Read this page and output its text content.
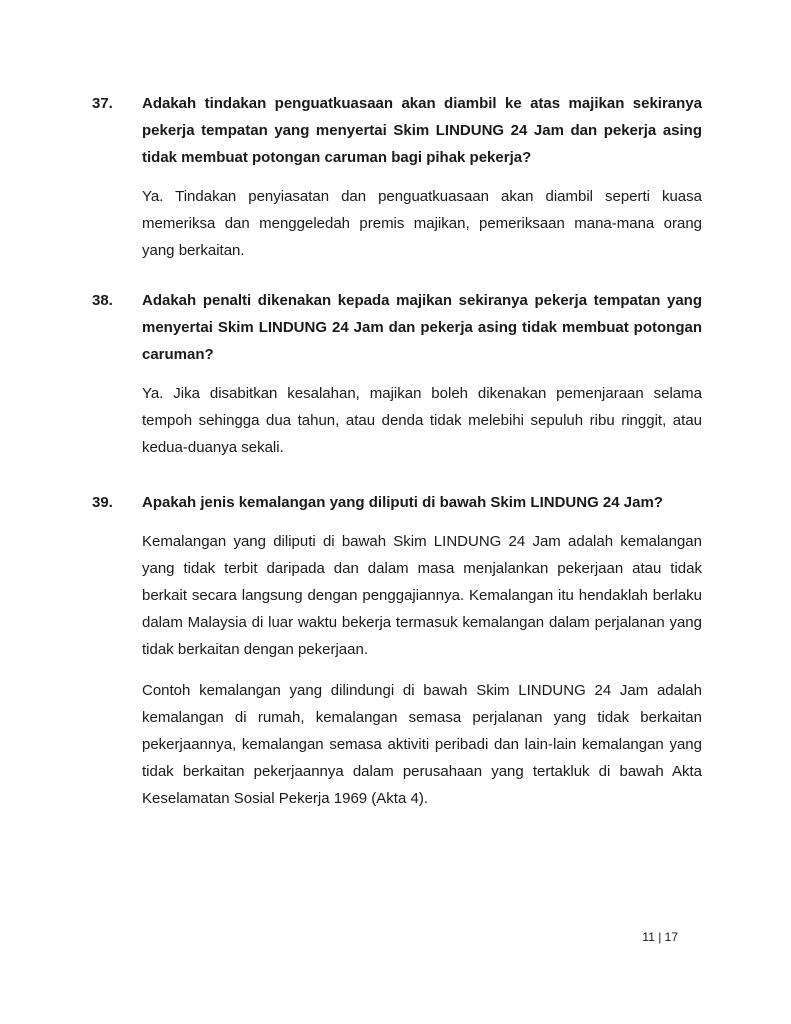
37. Adakah tindakan penguatkuasaan akan diambil ke atas majikan sekiranya pekerja tempatan yang menyertai Skim LINDUNG 24 Jam dan pekerja asing tidak membuat potongan caruman bagi pihak pekerja?

Ya. Tindakan penyiasatan dan penguatkuasaan akan diambil seperti kuasa memeriksa dan menggeledah premis majikan, pemeriksaan mana-mana orang yang berkaitan.

38. Adakah penalti dikenakan kepada majikan sekiranya pekerja tempatan yang menyertai Skim LINDUNG 24 Jam dan pekerja asing tidak membuat potongan caruman?

Ya. Jika disabitkan kesalahan, majikan boleh dikenakan pemenjaraan selama tempoh sehingga dua tahun, atau denda tidak melebihi sepuluh ribu ringgit, atau kedua-duanya sekali.

39. Apakah jenis kemalangan yang diliputi di bawah Skim LINDUNG 24 Jam?

Kemalangan yang diliputi di bawah Skim LINDUNG 24 Jam adalah kemalangan yang tidak terbit daripada dan dalam masa menjalankan pekerjaan atau tidak berkait secara langsung dengan penggajiannya. Kemalangan itu hendaklah berlaku dalam Malaysia di luar waktu bekerja termasuk kemalangan dalam perjalanan yang tidak berkaitan dengan pekerjaan.

Contoh kemalangan yang dilindungi di bawah Skim LINDUNG 24 Jam adalah kemalangan di rumah, kemalangan semasa perjalanan yang tidak berkaitan pekerjaannya, kemalangan semasa aktiviti peribadi dan lain-lain kemalangan yang tidak berkaitan pekerjaannya dalam perusahaan yang tertakluk di bawah Akta Keselamatan Sosial Pekerja 1969 (Akta 4).

11 | 17
